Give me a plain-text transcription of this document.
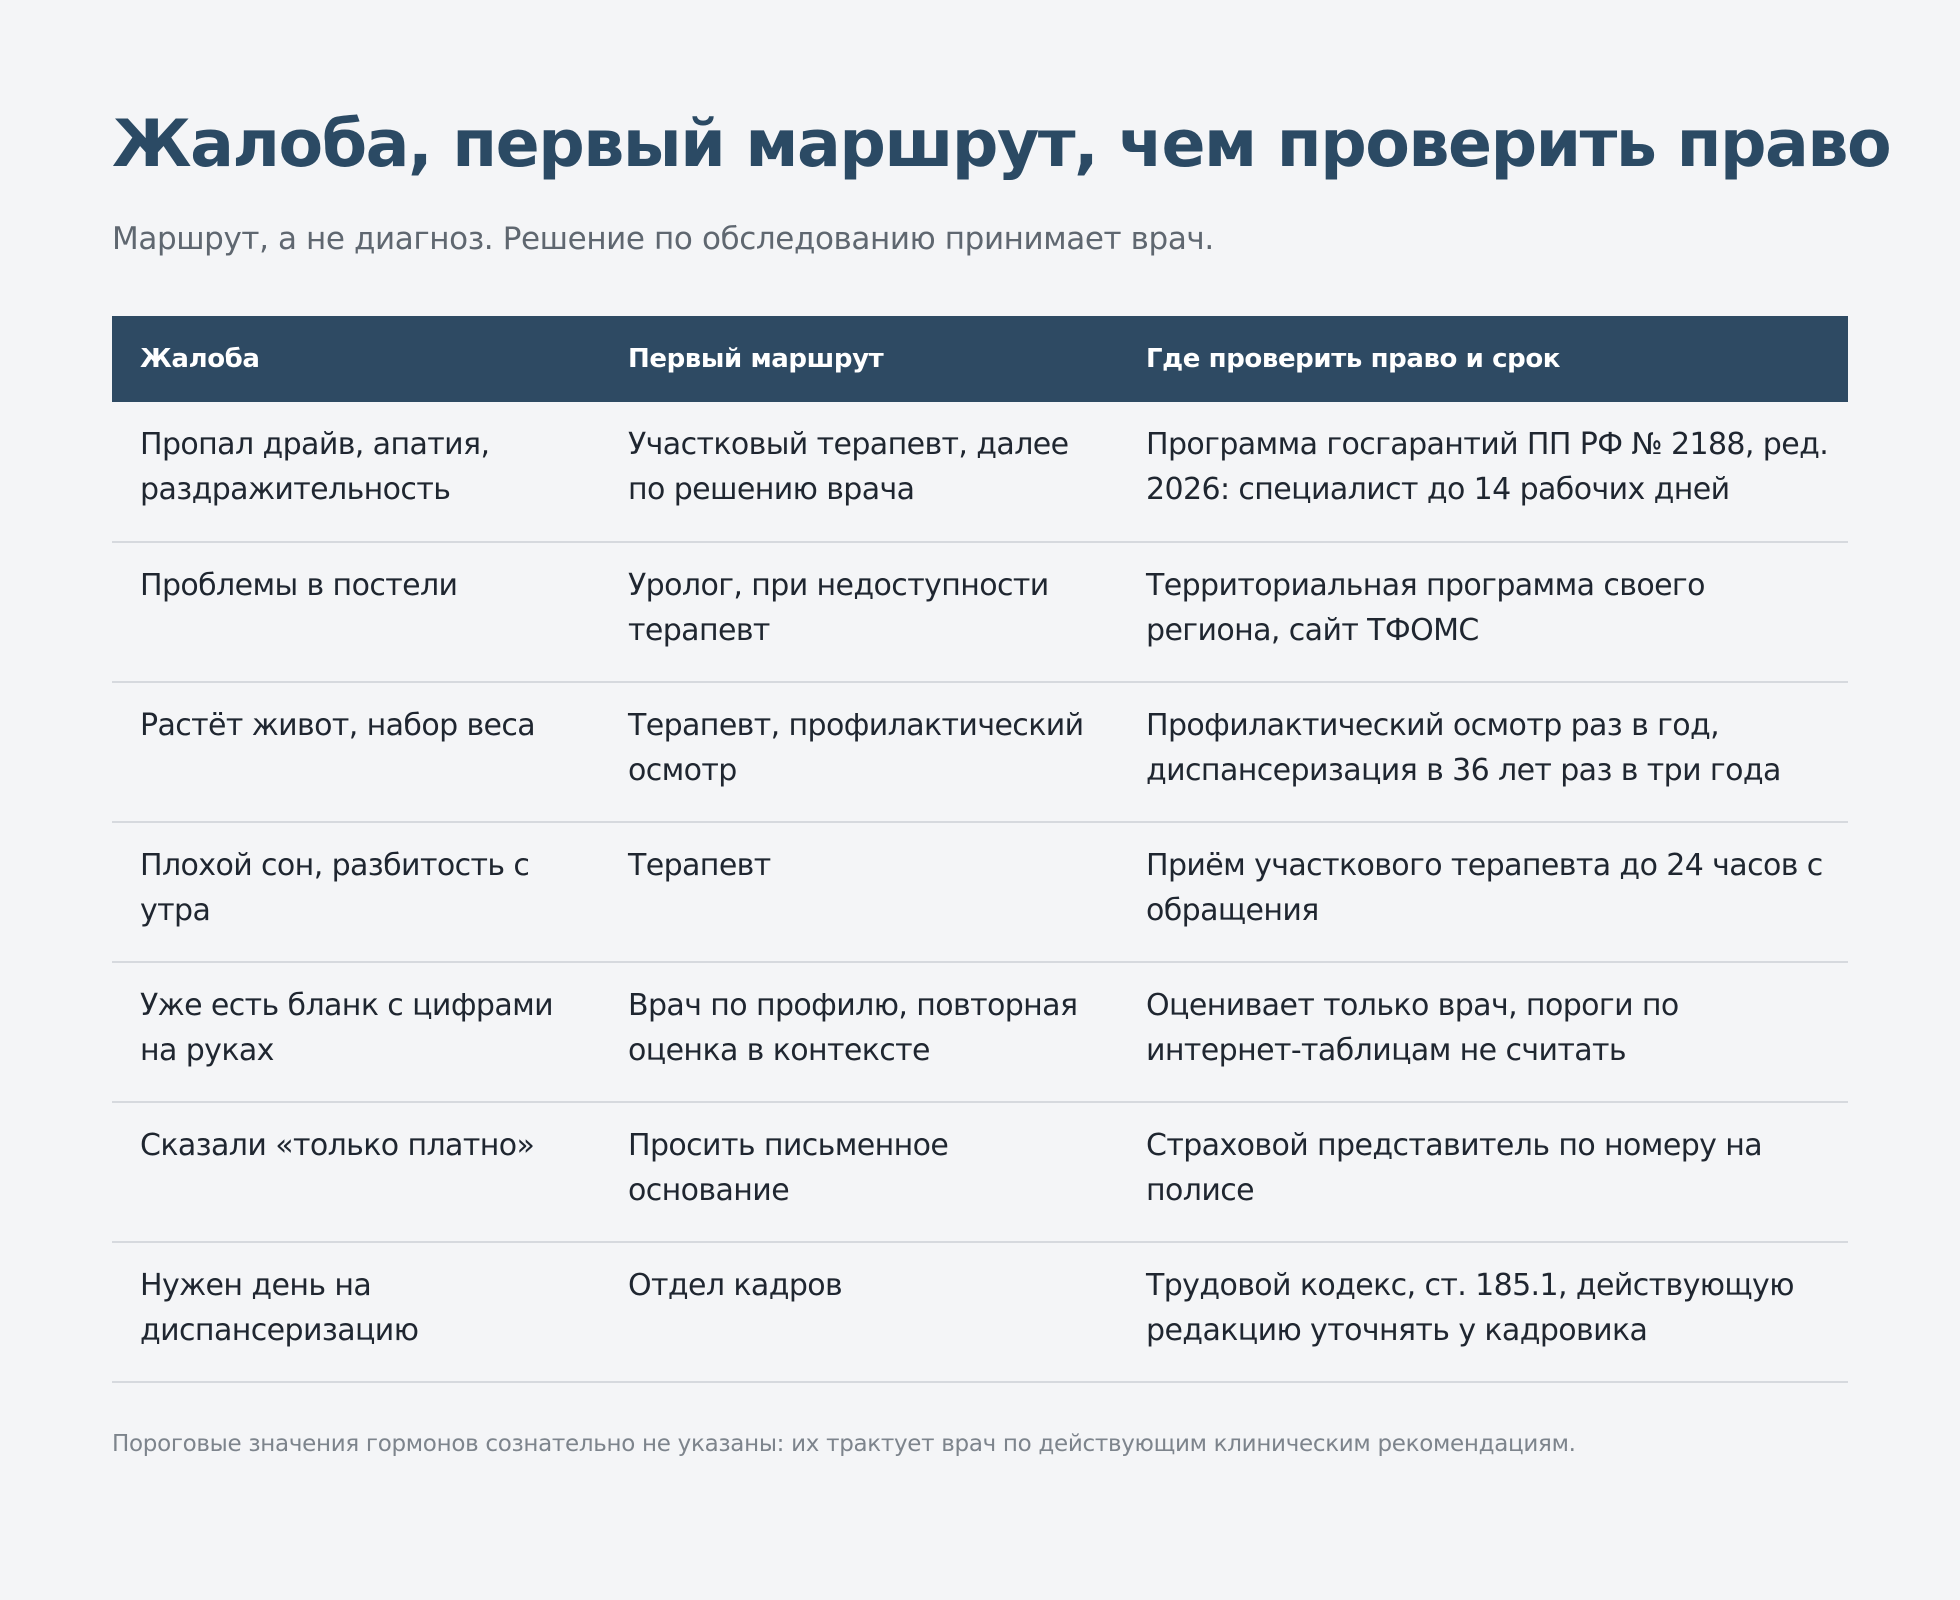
Жалоба, первый маршрут, чем проверить право
Маршрут, а не диагноз. Решение по обследованию принимает врач.
Жалоба	Первый маршрут	Где проверить право и срок
Пропал драйв, апатия, раздражительность	Участковый терапевт, далее по решению врача	Программа госгарантий ПП РФ № 2188, ред. 2026: специалист до 14 рабочих дней
Проблемы в постели	Уролог, при недоступности терапевт	Территориальная программа своего региона, сайт ТФОМС
Растёт живот, набор веса	Терапевт, профилактический осмотр	Профилактический осмотр раз в год, диспансеризация в 36 лет раз в три года
Плохой сон, разбитость с утра	Терапевт	Приём участкового терапевта до 24 часов с обращения
Уже есть бланк с цифрами на руках	Врач по профилю, повторная оценка в контексте	Оценивает только врач, пороги по интернет-таблицам не считать
Сказали «только платно»	Просить письменное основание	Страховой представитель по номеру на полисе
Нужен день на диспансеризацию	Отдел кадров	Трудовой кодекс, ст. 185.1, действующую редакцию уточнять у кадровика
Пороговые значения гормонов сознательно не указаны: их трактует врач по действующим клиническим рекомендациям.
